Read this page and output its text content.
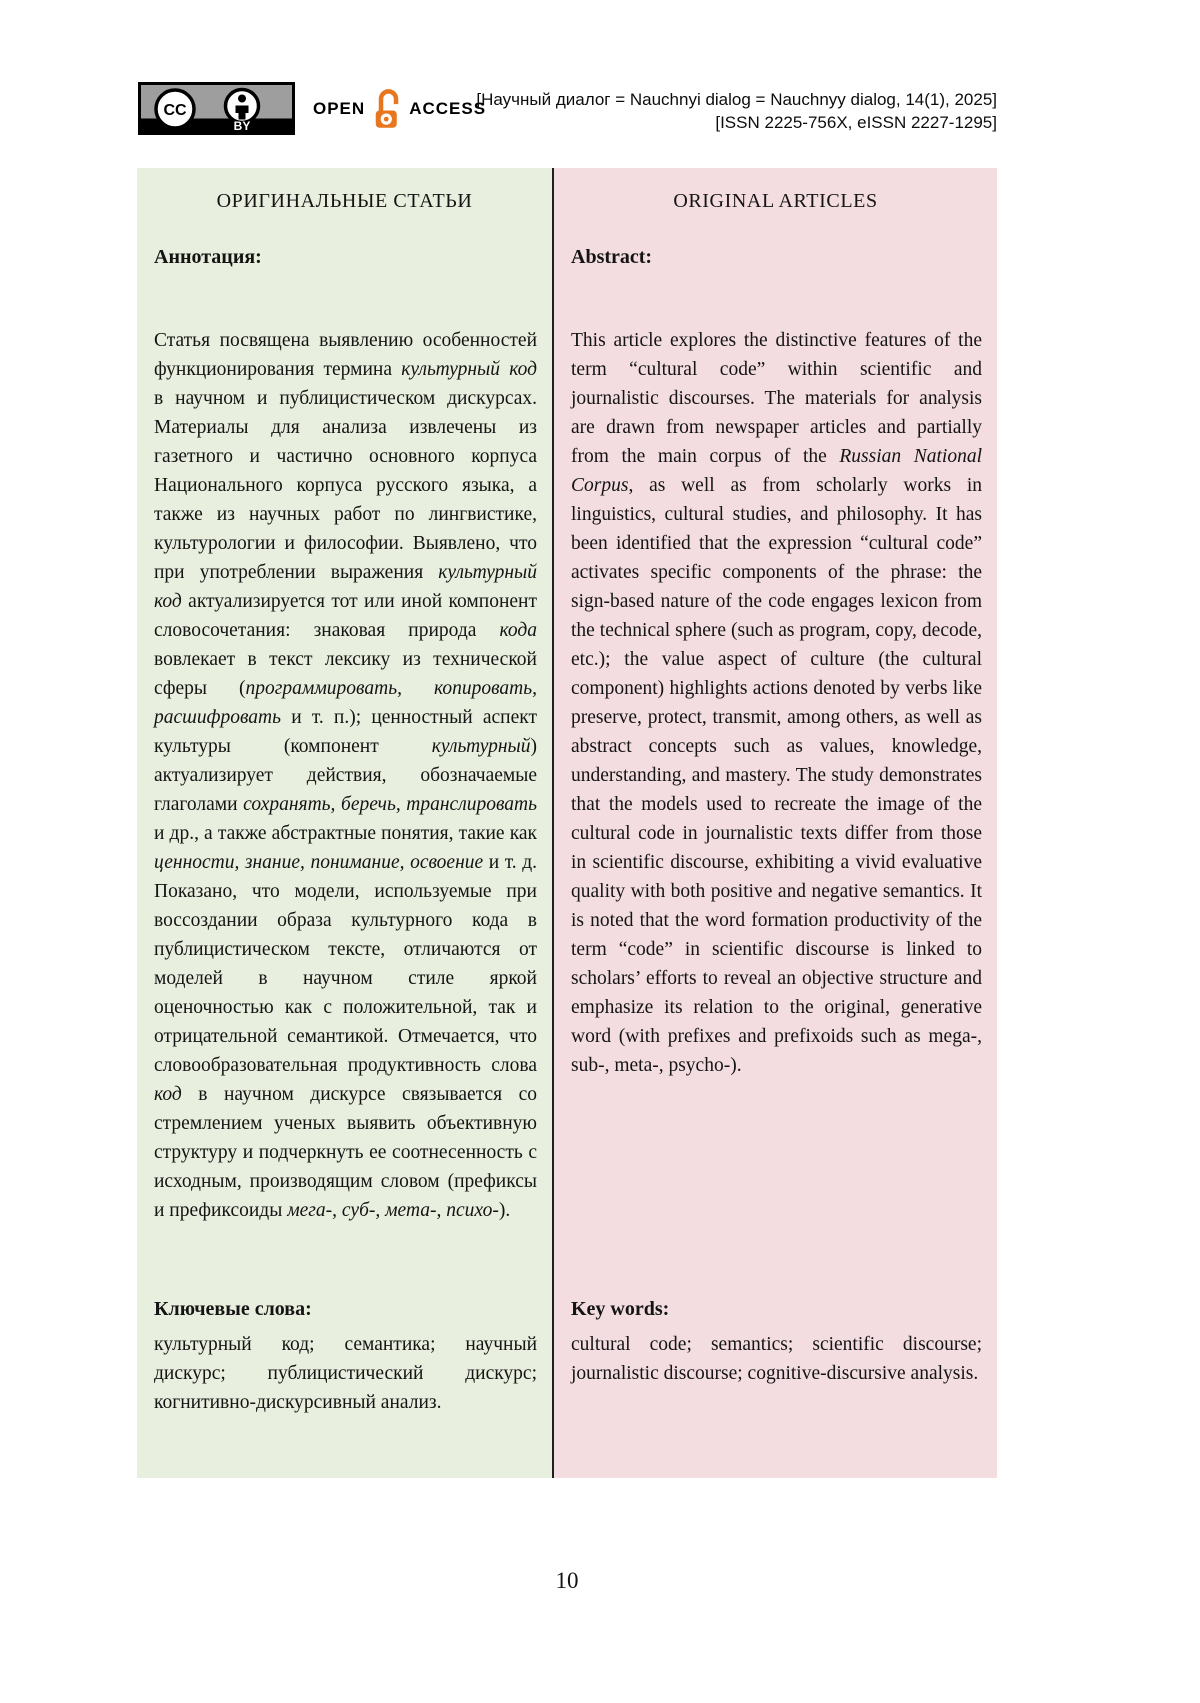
CC
BY
OPEN	ACCESS
[Научный диалог = Nauchnyi dialog = Nauchnyy dialog, 14(1), 2025]
[ISSN 2225-756X, eISSN 2227-1295]
ОРИГИНАЛЬНЫЕ СТАТЬИ
Аннотация:
Статья посвящена выявлению особенностей функционирования термина культурный код в научном и публицистическом дискурсах. Материалы для анализа извлечены из газетного и частично основного корпуса Национального корпуса русского языка, а также из научных работ по лингвистике, культурологии и философии. Выявлено, что при употреблении выражения культурный код актуализируется тот или иной компонент словосочетания: знаковая природа кода вовлекает в текст лексику из технической сферы (программировать, копировать, расшифровать и т. п.); ценностный аспект культуры (компонент культурный) актуализирует действия, обозначаемые глаголами сохранять, беречь, транслировать и др., а также абстрактные понятия, такие как ценности, знание, понимание, освоение и т. д. Показано, что модели, используемые при воссоздании образа культурного кода в публицистическом тексте, отличаются от моделей в научном стиле яркой оценочностью как с положительной, так и отрицательной семантикой. Отмечается, что словообразовательная продуктивность слова код в научном дискурсе связывается со стремлением ученых выявить объективную структуру и подчеркнуть ее соотнесенность с исходным, производящим словом (префиксы и префиксоиды мега-, суб-, мета-, психо-).
Ключевые слова:
культурный код; семантика; научный дискурс; публицистический дискурс; когнитивно-дискурсивный анализ.
ORIGINAL ARTICLES
Abstract:
This article explores the distinctive features of the term “cultural code” within scientific and journalistic discourses. The materials for analysis are drawn from newspaper articles and partially from the main corpus of the Russian National Corpus, as well as from scholarly works in linguistics, cultural studies, and philosophy. It has been identified that the expression “cultural code” activates specific components of the phrase: the sign-based nature of the code engages lexicon from the technical sphere (such as program, copy, decode, etc.); the value aspect of culture (the cultural component) highlights actions denoted by verbs like preserve, protect, transmit, among others, as well as abstract concepts such as values, knowledge, understanding, and mastery. The study demonstrates that the models used to recreate the image of the cultural code in journalistic texts differ from those in scientific discourse, exhibiting a vivid evaluative quality with both positive and negative semantics. It is noted that the word formation productivity of the term “code” in scientific discourse is linked to scholars’ efforts to reveal an objective structure and emphasize its relation to the original, generative word (with prefixes and prefixoids such as mega-, sub-, meta-, psycho-).
Key words:
cultural code; semantics; scientific discourse; journalistic discourse; cognitive-discursive analysis.
10
